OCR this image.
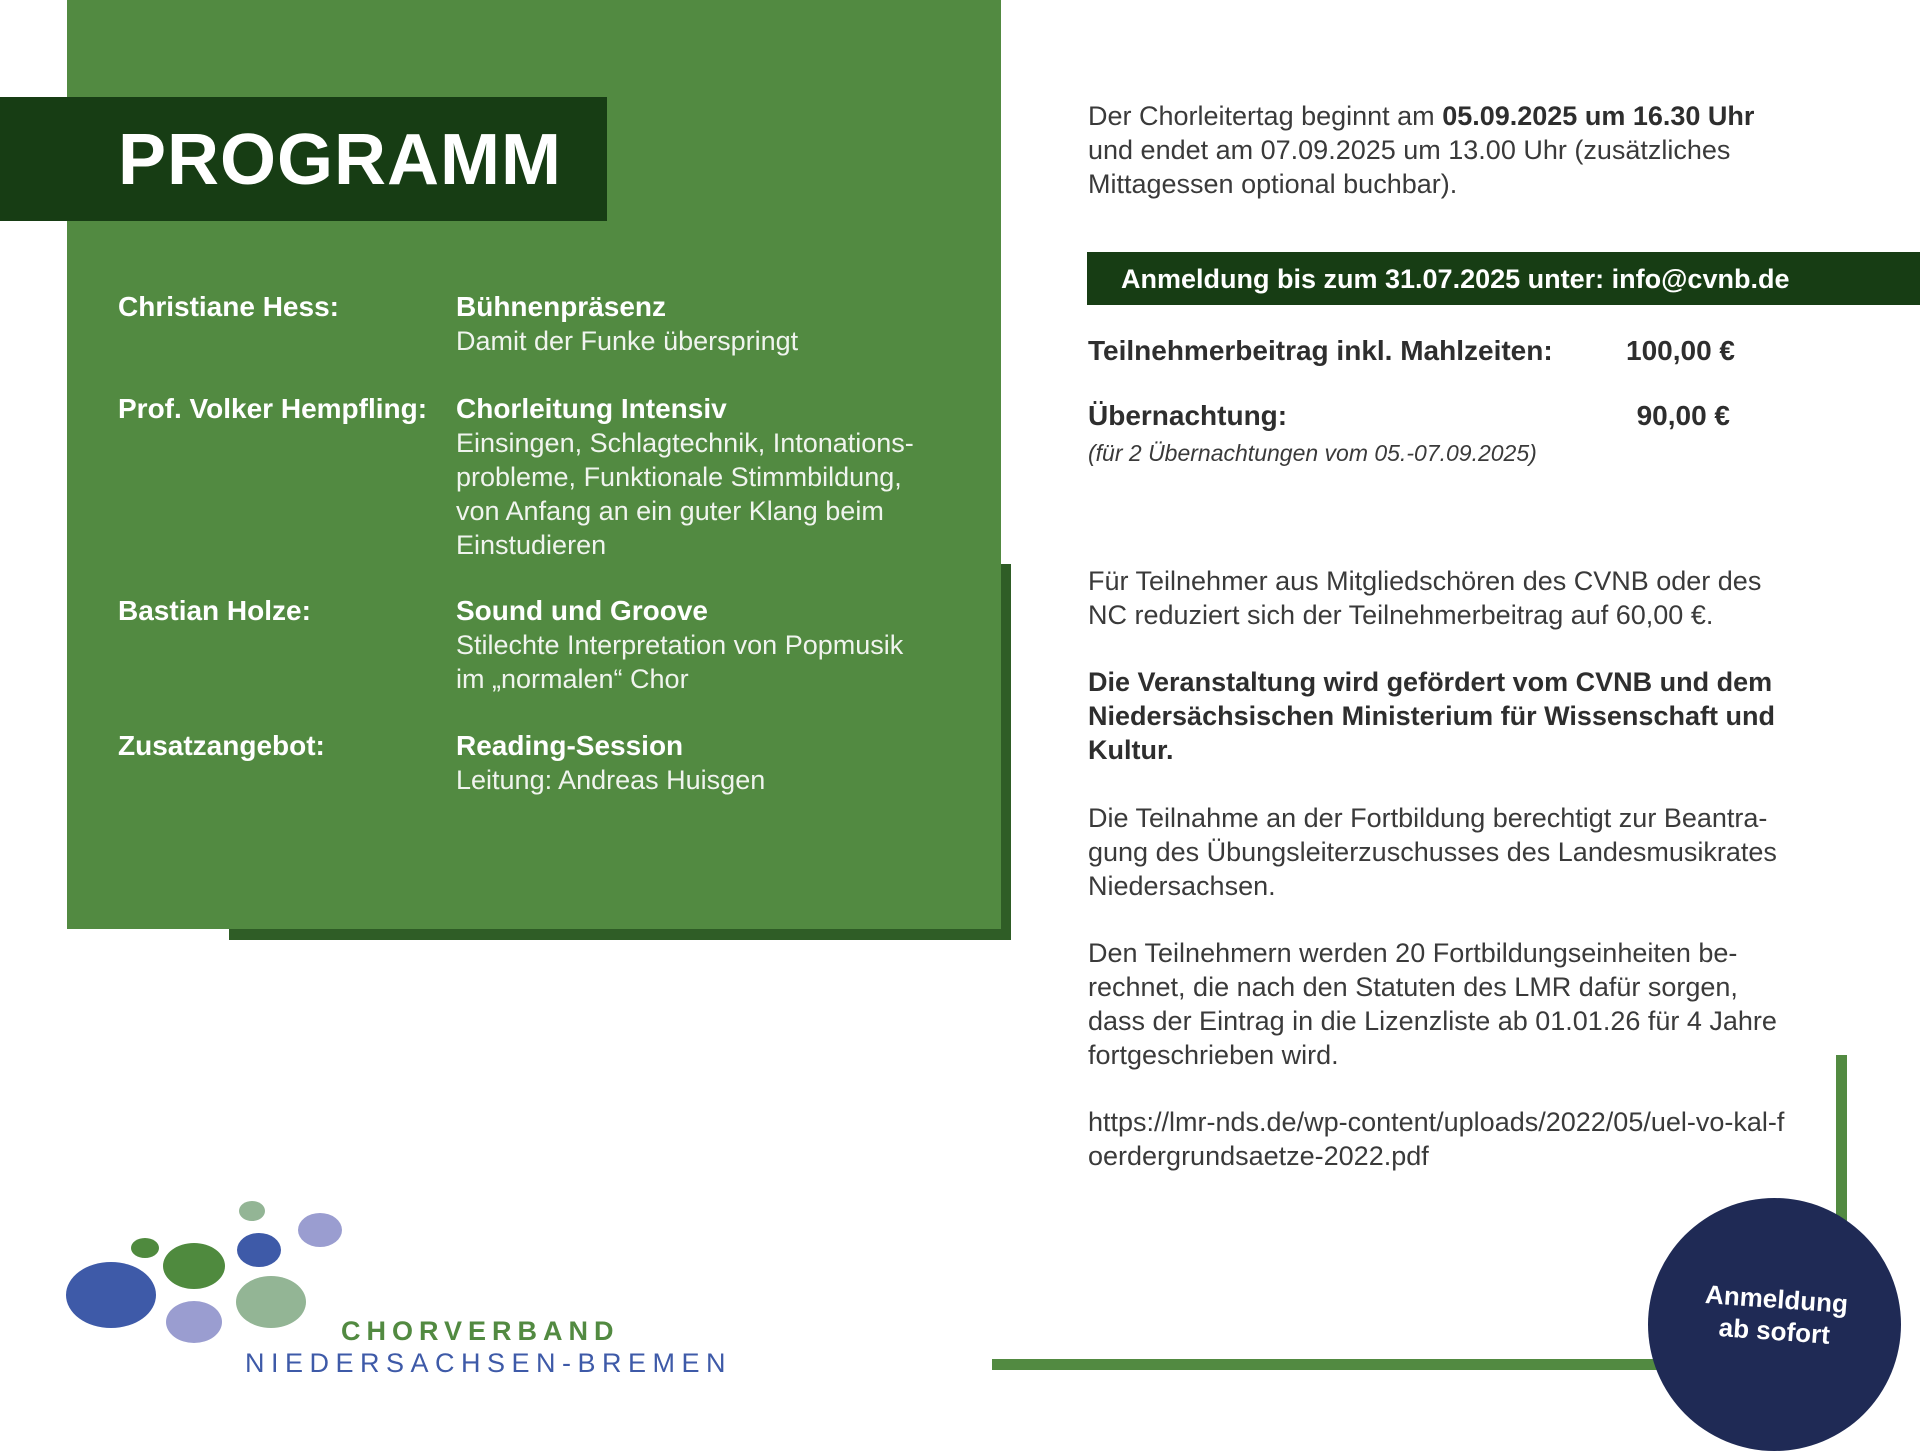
PROGRAMM
Christiane Hess:	Bühnenpräsenz
Damit der Funke überspringt
Prof. Volker Hempfling: Chorleitung Intensiv
Einsingen, Schlagtechnik, Intonations-probleme, Funktionale Stimmbildung, von Anfang an ein guter Klang beim Einstudieren
Bastian Holze:	Sound und Groove
Stilechte Interpretation von Popmusik im „normalen“ Chor
Zusatzangebot:	Reading-Session
Leitung: Andreas Huisgen
Der Chorleitertag beginnt am 05.09.2025 um 16.30 Uhr und endet am 07.09.2025 um 13.00 Uhr (zusätzliches Mittagessen optional buchbar).
Anmeldung bis zum 31.07.2025 unter: info@cvnb.de
Teilnehmerbeitrag inkl. Mahlzeiten:	100,00 €
Übernachtung:	90,00 €
(für 2 Übernachtungen vom 05.-07.09.2025)
Für Teilnehmer aus Mitgliedschören des CVNB oder des NC reduziert sich der Teilnehmerbeitrag auf 60,00 €.
Die Veranstaltung wird gefördert vom CVNB und dem Niedersächsischen Ministerium für Wissenschaft und Kultur.
Die Teilnahme an der Fortbildung berechtigt zur Beantra-gung des Übungsleiterzuschusses des Landesmusikrates Niedersachsen.
Den Teilnehmern werden 20 Fortbildungseinheiten be-rechnet, die nach den Statuten des LMR dafür sorgen, dass der Eintrag in die Lizenzliste ab 01.01.26 für 4 Jahre fortgeschrieben wird.
https://lmr-nds.de/wp-content/uploads/2022/05/uel-vo-kal-foerdergrundsaetze-2022.pdf
Anmeldung
ab sofort
CHORVERBAND
NIEDERSACHSEN-BREMEN
